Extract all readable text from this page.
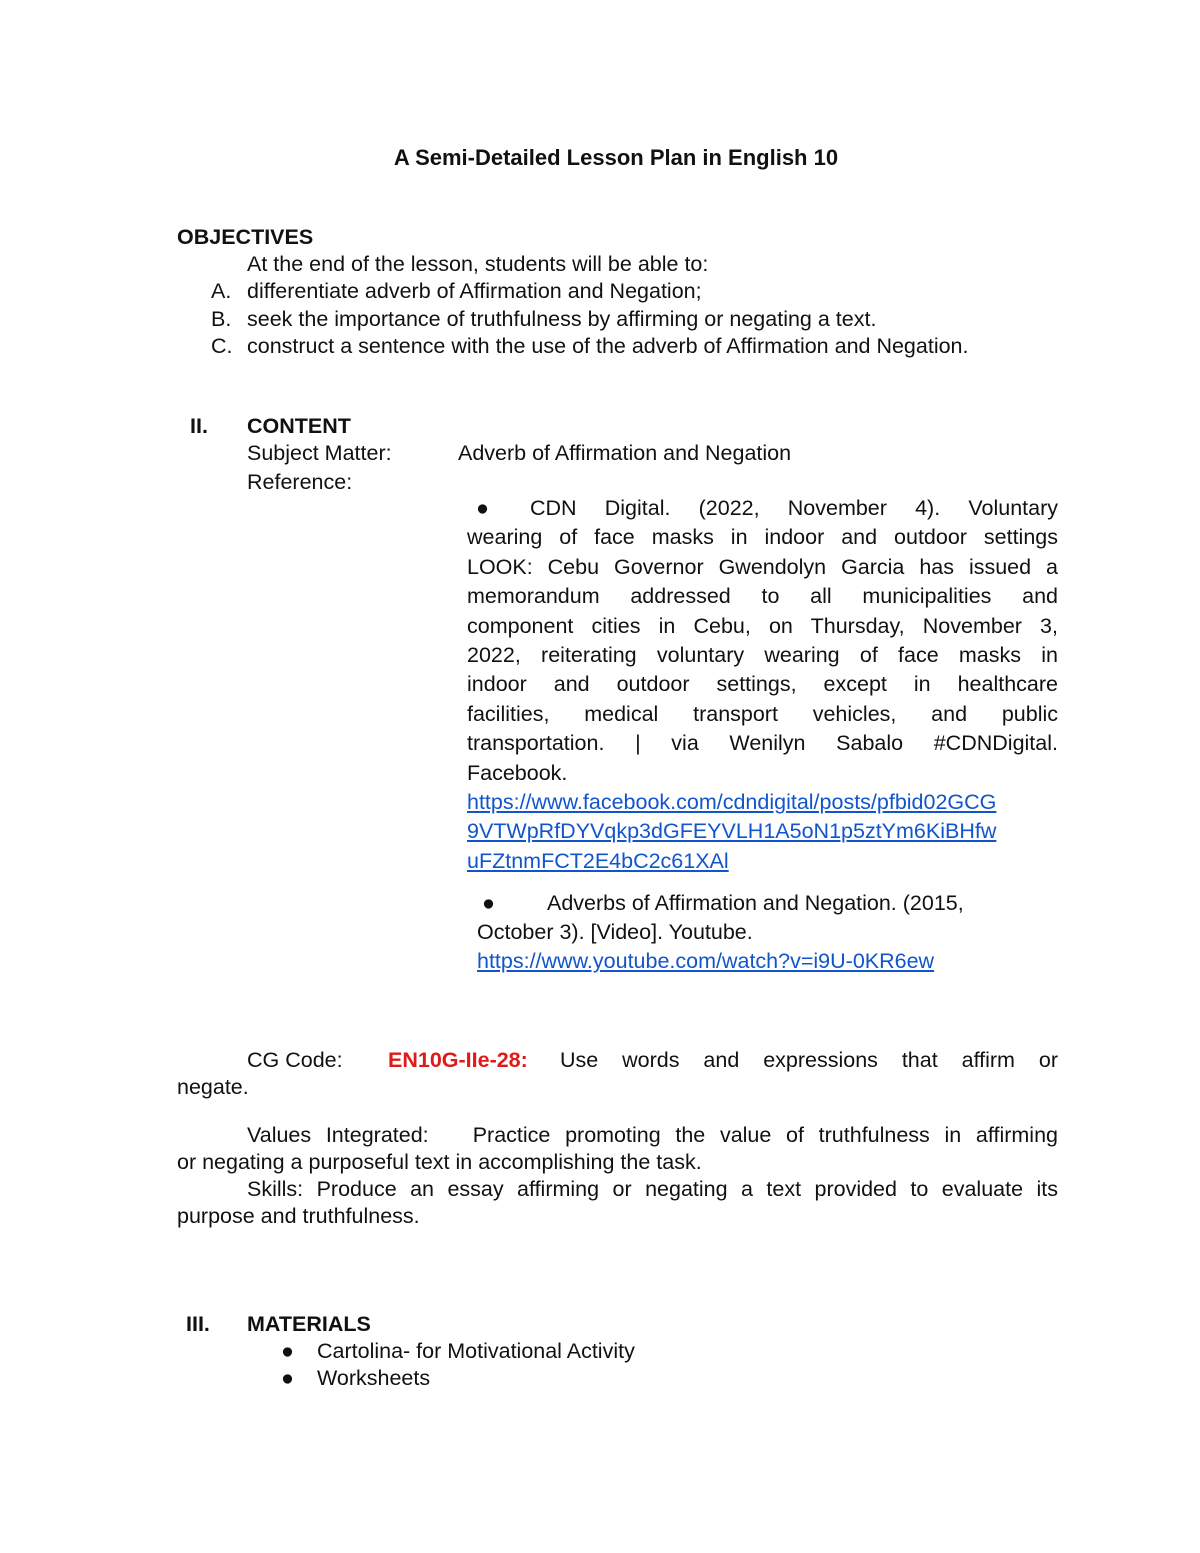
A Semi-Detailed Lesson Plan in English 10
OBJECTIVES
At the end of the lesson, students will be able to:
A. differentiate adverb of Affirmation and Negation;
B. seek the importance of truthfulness by affirming or negating a text.
C. construct a sentence with the use of the adverb of Affirmation and Negation.
II. CONTENT
Subject Matter:	Adverb of Affirmation and Negation
Reference:
● CDN Digital. (2022, November 4). Voluntary
wearing of face masks in indoor and outdoor settings
LOOK: Cebu Governor Gwendolyn Garcia has issued a
memorandum addressed to all municipalities and
component cities in Cebu, on Thursday, November 3,
2022, reiterating voluntary wearing of face masks in
indoor and outdoor settings, except in healthcare
facilities, medical transport vehicles, and public
transportation. | via Wenilyn Sabalo #CDNDigital.
Facebook.
https://www.facebook.com/cdndigital/posts/pfbid02GCG
9VTWpRfDYVqkp3dGFEYVLH1A5oN1p5ztYm6KiBHfw
uFZtnmFCT2E4bC2c61XAl
● Adverbs of Affirmation and Negation. (2015,
October 3). [Video]. Youtube.
https://www.youtube.com/watch?v=i9U-0KR6ew
CG Code: EN10G-IIe-28: Use words and expressions that affirm or
negate.
Values Integrated:   Practice promoting the value of truthfulness in affirming
or negating a purposeful text in accomplishing the task.
Skills: Produce an essay affirming or negating a text provided to evaluate its
purpose and truthfulness.
III. MATERIALS
● Cartolina- for Motivational Activity
● Worksheets
